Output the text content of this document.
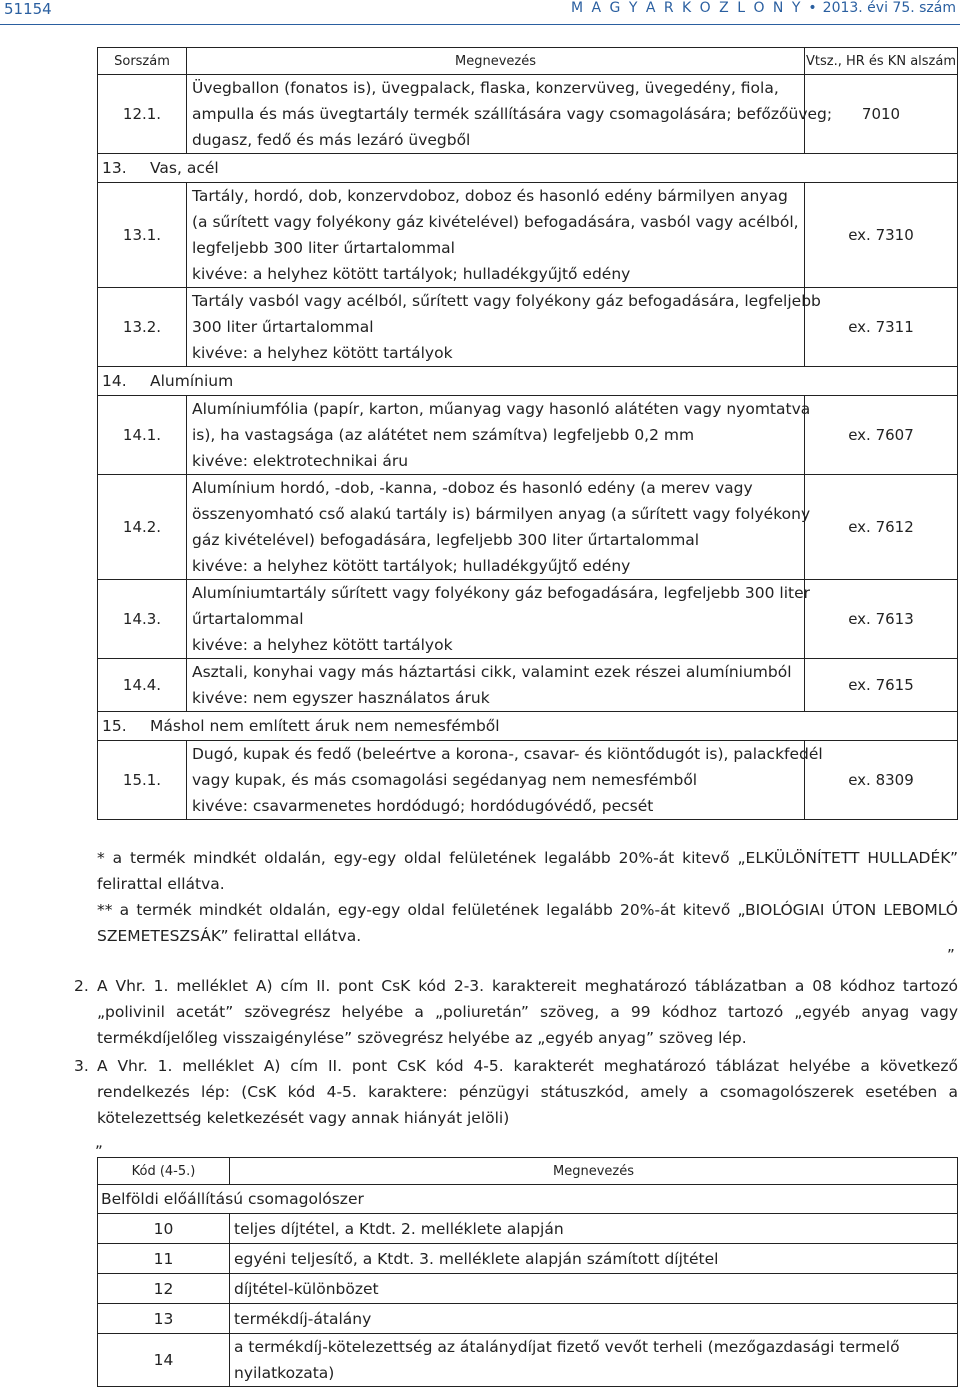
51154	M A G Y A R K Ö Z L Ö N Y • 2013. évi 75. szám
Sorszám	Megnevezés	Vtsz., HR és KN alszám
12.1.	Üvegballon (fonatos is), üvegpalack, flaska, konzervüveg, üvegedény, fiola,
ampulla és más üvegtartály termék szállítására vagy csomagolására; befőzőüveg;
dugasz, fedő és más lezáró üvegből	7010
13. Vas, acél		
13.1.	Tartály, hordó, dob, konzervdoboz, doboz és hasonló edény bármilyen anyag
(a sűrített vagy folyékony gáz kivételével) befogadására, vasból vagy acélból,
legfeljebb 300 liter űrtartalommal
kivéve: a helyhez kötött tartályok; hulladékgyűjtő edény	ex. 7310
13.2.	Tartály vasból vagy acélból, sűrített vagy folyékony gáz befogadására, legfeljebb
300 liter űrtartalommal
kivéve: a helyhez kötött tartályok	ex. 7311
14. Alumínium		
14.1.	Alumíniumfólia (papír, karton, műanyag vagy hasonló alátéten vagy nyomtatva
is), ha vastagsága (az alátétet nem számítva) legfeljebb 0,2 mm
kivéve: elektrotechnikai áru	ex. 7607
14.2.	Alumínium hordó, -dob, -kanna, -doboz és hasonló edény (a merev vagy
összenyomható cső alakú tartály is) bármilyen anyag (a sűrített vagy folyékony
gáz kivételével) befogadására, legfeljebb 300 liter űrtartalommal
kivéve: a helyhez kötött tartályok; hulladékgyűjtő edény	ex. 7612
14.3.	Alumíniumtartály sűrített vagy folyékony gáz befogadására, legfeljebb 300 liter
űrtartalommal
kivéve: a helyhez kötött tartályok	ex. 7613
14.4.	Asztali, konyhai vagy más háztartási cikk, valamint ezek részei alumíniumból
kivéve: nem egyszer használatos áruk	ex. 7615
15. Máshol nem említett áruk nem nemesfémből		
15.1.	Dugó, kupak és fedő (beleértve a korona-, csavar- és kiöntődugót is), palackfedél
vagy kupak, és más csomagolási segédanyag nem nemesfémből
kivéve: csavarmenetes hordódugó; hordódugóvédő, pecsét	ex. 8309
* a termék mindkét oldalán, egy-egy oldal felületének legalább 20%-át kitevő „ELKÜLÖNÍTETT HULLADÉK” felirattal ellátva.
** a termék mindkét oldalán, egy-egy oldal felületének legalább 20%-át kitevő „BIOLÓGIAI ÚTON LEBOMLÓ SZEMETESZSÁK” felirattal ellátva.
”
2. A Vhr. 1. melléklet A) cím II. pont CsK kód 2-3. karaktereit meghatározó táblázatban a 08 kódhoz tartozó „polivinil acetát” szövegrész helyébe a „poliuretán” szöveg, a 99 kódhoz tartozó „egyéb anyag vagy termékdíjelőleg visszaigénylése” szövegrész helyébe az „egyéb anyag” szöveg lép.
3. A Vhr. 1. melléklet A) cím II. pont CsK kód 4-5. karakterét meghatározó táblázat helyébe a következő rendelkezés lép: (CsK kód 4-5. karaktere: pénzügyi státuszkód, amely a csomagolószerek esetében a kötelezettség keletkezését vagy annak hiányát jelöli)
„
Kód (4-5.)	Megnevezés
Belföldi előállítású csomagolószer	
10	teljes díjtétel, a Ktdt. 2. melléklete alapján

11	egyéni teljesítő, a Ktdt. 3. melléklete alapján számított díjtétel

12	díjtétel-különbözet

13	termékdíj-átalány

14	a termékdíj-kötelezettség az átalánydíjat fizető vevőt terheli (mezőgazdasági termelő
nyilatkozata)
